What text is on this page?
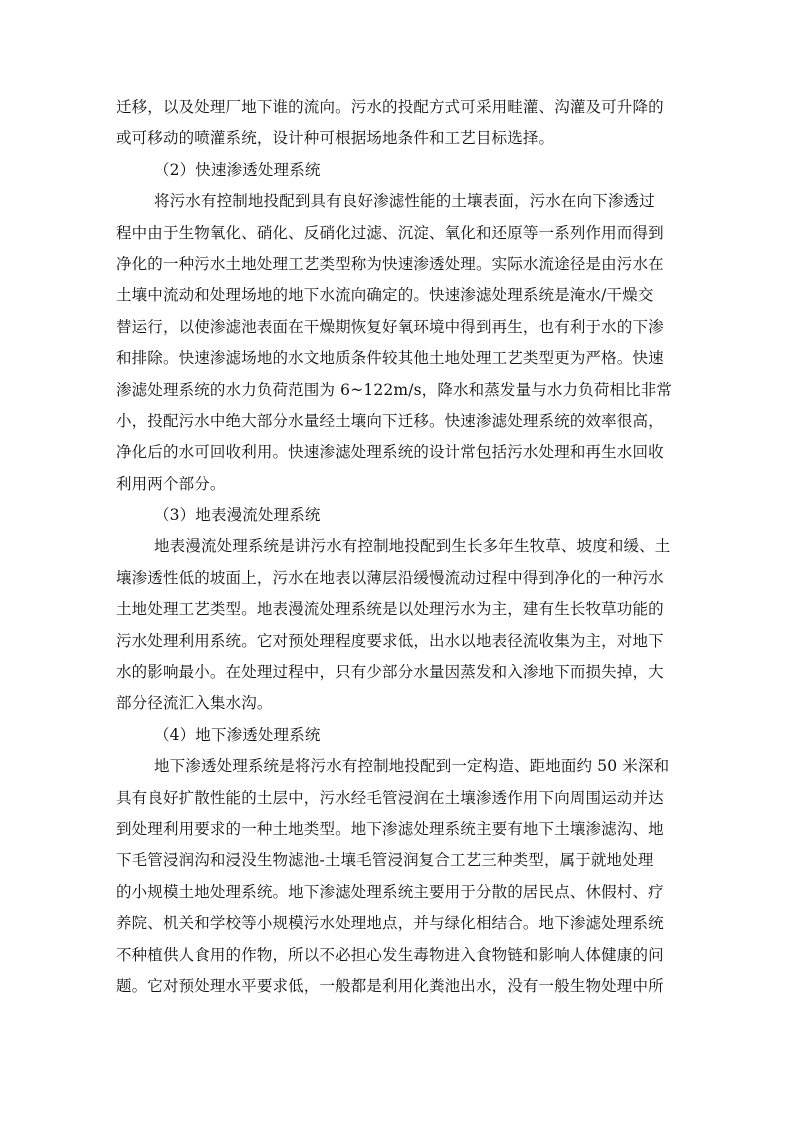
迁移，以及处理厂地下谁的流向。污水的投配方式可采用畦灌、沟灌及可升降的
或可移动的喷灌系统，设计种可根据场地条件和工艺目标选择。
（2）快速渗透处理系统
将污水有控制地投配到具有良好渗滤性能的土壤表面，污水在向下渗透过
程中由于生物氧化、硝化、反硝化过滤、沉淀、氧化和还原等一系列作用而得到
净化的一种污水土地处理工艺类型称为快速渗透处理。实际水流途径是由污水在
土壤中流动和处理场地的地下水流向确定的。快速渗滤处理系统是淹水/干燥交
替运行，以使渗滤池表面在干燥期恢复好氧环境中得到再生，也有利于水的下渗
和排除。快速渗滤场地的水文地质条件较其他土地处理工艺类型更为严格。快速
渗滤处理系统的水力负荷范围为 6~122m/s，降水和蒸发量与水力负荷相比非常
小，投配污水中绝大部分水量经土壤向下迁移。快速渗滤处理系统的效率很高，
净化后的水可回收利用。快速渗滤处理系统的设计常包括污水处理和再生水回收
利用两个部分。
（3）地表漫流处理系统
地表漫流处理系统是讲污水有控制地投配到生长多年生牧草、坡度和缓、土
壤渗透性低的坡面上，污水在地表以薄层沿缓慢流动过程中得到净化的一种污水
土地处理工艺类型。地表漫流处理系统是以处理污水为主，建有生长牧草功能的
污水处理利用系统。它对预处理程度要求低，出水以地表径流收集为主，对地下
水的影响最小。在处理过程中，只有少部分水量因蒸发和入渗地下而损失掉，大
部分径流汇入集水沟。
（4）地下渗透处理系统
地下渗透处理系统是将污水有控制地投配到一定构造、距地面约 50 米深和
具有良好扩散性能的土层中，污水经毛管浸润在土壤渗透作用下向周围运动并达
到处理利用要求的一种土地类型。地下渗滤处理系统主要有地下土壤渗滤沟、地
下毛管浸润沟和浸没生物滤池-土壤毛管浸润复合工艺三种类型，属于就地处理
的小规模土地处理系统。地下渗滤处理系统主要用于分散的居民点、休假村、疗
养院、机关和学校等小规模污水处理地点，并与绿化相结合。地下渗滤处理系统
不种植供人食用的作物，所以不必担心发生毒物进入食物链和影响人体健康的问
题。它对预处理水平要求低，一般都是利用化粪池出水，没有一般生物处理中所
